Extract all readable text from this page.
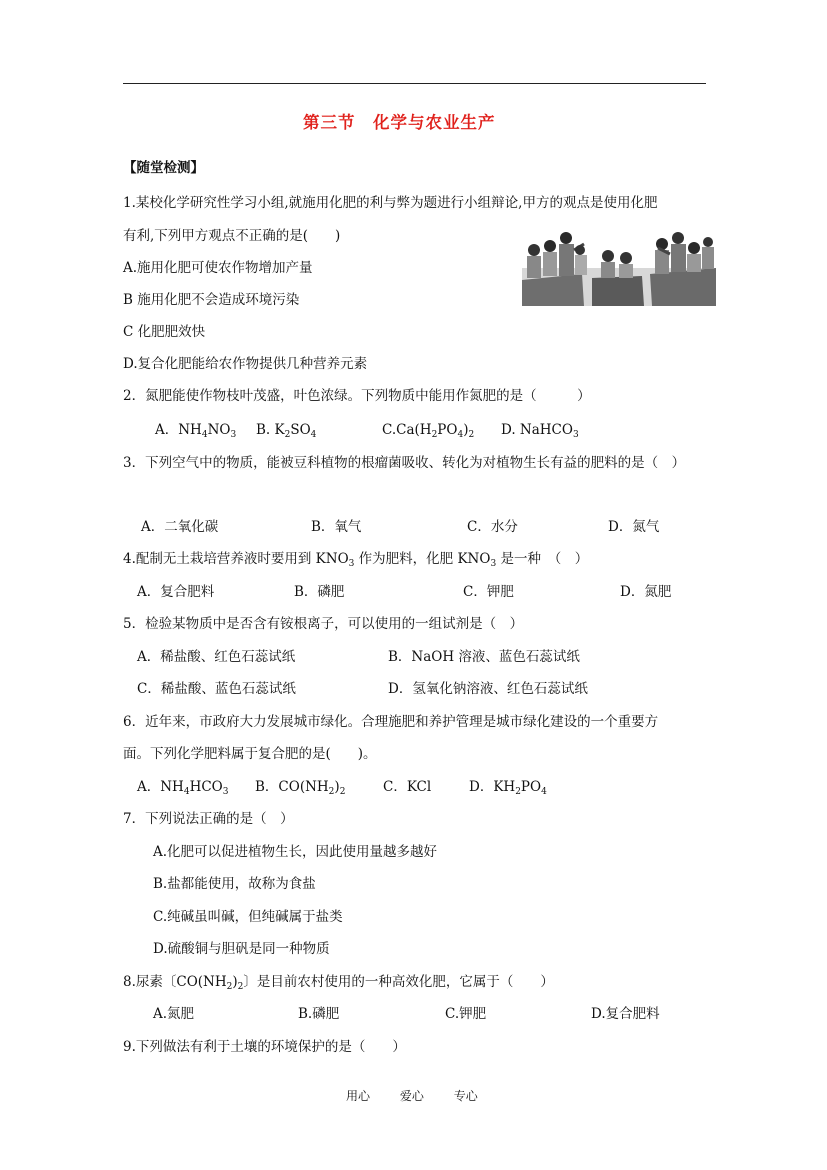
第三节　化学与农业生产
【随堂检测】
1.某校化学研究性学习小组,就施用化肥的利与弊为题进行小组辩论,甲方的观点是使用化肥
有利,下列甲方观点不正确的是(　　)
A.施用化肥可使农作物增加产量
B 施用化肥不会造成环境污染
C 化肥肥效快
D.复合化肥能给农作物提供几种营养元素
2．氮肥能使作物枝叶茂盛，叶色浓绿。下列物质中能用作氮肥的是（　　　）
A．$NH_4NO_3$ B. $K_2SO_4$	$C.Ca(H_2PO_4)_2$ D. NaHCO$_3$
3．下列空气中的物质，能被豆科植物的根瘤菌吸收、转化为对植物生长有益的肥料的是（　）
A．二氧化碳	B．氧气	C．水分	D．氮气
4.配制无土栽培营养液时要用到 $KNO_3$ 作为肥料，化肥 $KNO_3$ 是一种　（　）
A．复合肥料	B．磷肥	C．钾肥	D．氮肥
5．检验某物质中是否含有铵根离子，可以使用的一组试剂是（　）
A．稀盐酸、红色石蕊试纸	B．NaOH 溶液、蓝色石蕊试纸
C．稀盐酸、蓝色石蕊试纸	D．氢氧化钠溶液、红色石蕊试纸
6．近年来，市政府大力发展城市绿化。合理施肥和养护管理是城市绿化建设的一个重要方
面。下列化学肥料属于复合肥的是(　　)。
A．$NH_4HCO_3$ B．$CO(NH_2)_2$	C．KCl	D．$KH_2PO_4$
7．下列说法正确的是（　）
A.化肥可以促进植物生长，因此使用量越多越好
B.盐都能使用，故称为食盐
C.纯碱虽叫碱，但纯碱属于盐类
D.硫酸铜与胆矾是同一种物质
8.尿素〔$CO(NH_2)_2$〕是目前农村使用的一种高效化肥，它属于（　　）
A.氮肥	B.磷肥	C.钾肥	D.复合肥料
9.下列做法有利于土壤的环境保护的是（　　）
用心 爱心 专心
